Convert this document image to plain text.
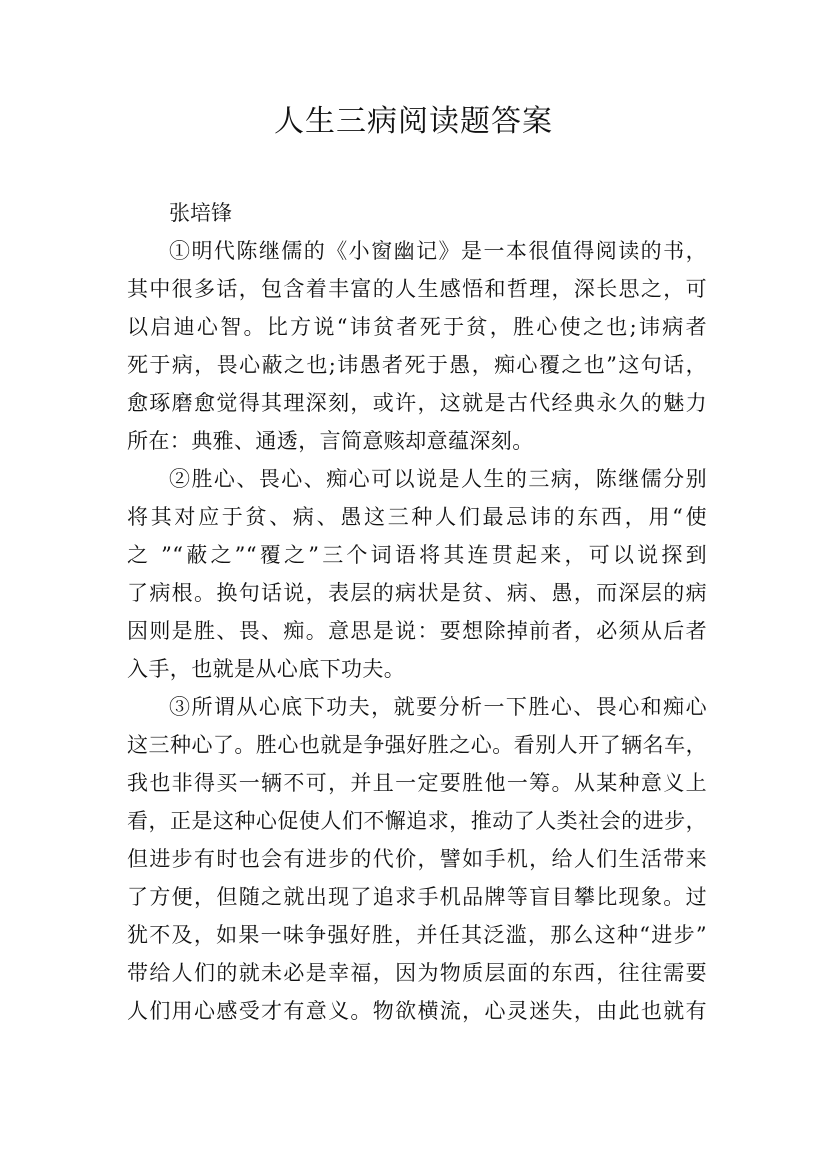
人生三病阅读题答案
张培锋
①明代陈继儒的《小窗幽记》是一本很值得阅读的书，
其中很多话，包含着丰富的人生感悟和哲理，深长思之，可
以启迪心智。比方说“讳贫者死于贫，胜心使之也;讳病者
死于病，畏心蔽之也;讳愚者死于愚，痴心覆之也”这句话，
愈琢磨愈觉得其理深刻，或许，这就是古代经典永久的魅力
所在：典雅、通透，言简意赅却意蕴深刻。
②胜心、畏心、痴心可以说是人生的三病，陈继儒分别
将其对应于贫、病、愚这三种人们最忌讳的东西，用“使
之 ”“蔽之”“覆之”三个词语将其连贯起来，可以说探到
了病根。换句话说，表层的病状是贫、病、愚，而深层的病
因则是胜、畏、痴。意思是说：要想除掉前者，必须从后者
入手，也就是从心底下功夫。
③所谓从心底下功夫，就要分析一下胜心、畏心和痴心
这三种心了。胜心也就是争强好胜之心。看别人开了辆名车，
我也非得买一辆不可，并且一定要胜他一筹。从某种意义上
看，正是这种心促使人们不懈追求，推动了人类社会的进步，
但进步有时也会有进步的代价，譬如手机，给人们生活带来
了方便，但随之就出现了追求手机品牌等盲目攀比现象。过
犹不及，如果一味争强好胜，并任其泛滥，那么这种“进步”
带给人们的就未必是幸福，因为物质层面的东西，往往需要
人们用心感受才有意义。物欲横流，心灵迷失，由此也就有
